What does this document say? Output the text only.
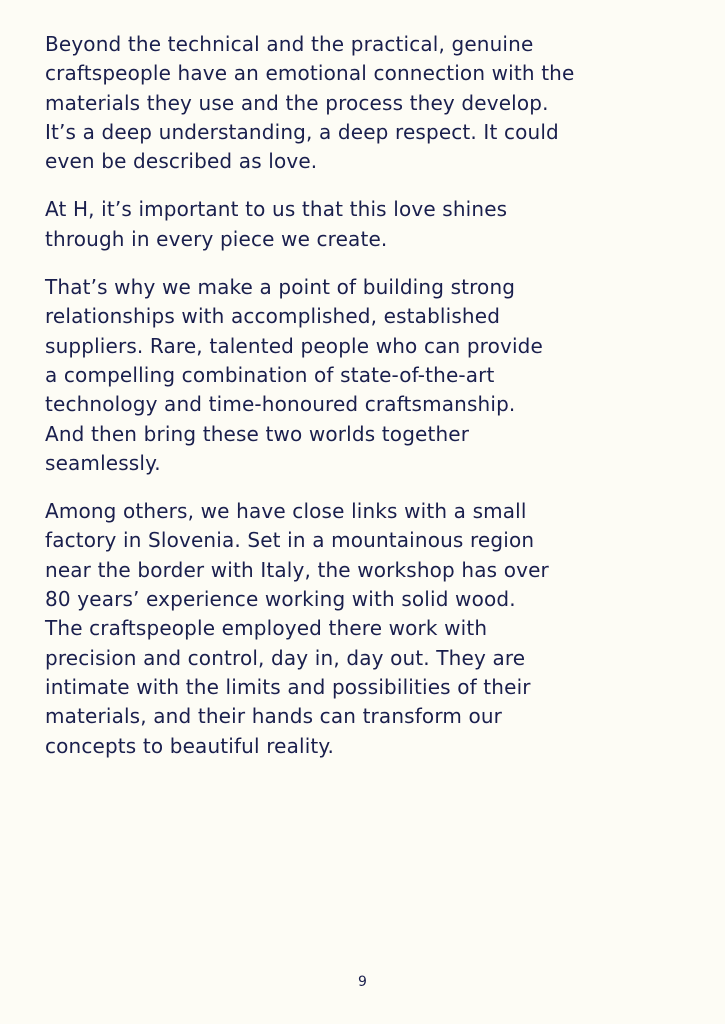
Beyond the technical and the practical, genuine
craftspeople have an emotional connection with the
materials they use and the process they develop.
It’s a deep understanding, a deep respect. It could
even be described as love.

At H, it’s important to us that this love shines
through in every piece we create.

That’s why we make a point of building strong
relationships with accomplished, established
suppliers. Rare, talented people who can provide
a compelling combination of state-of-the-art
technology and time-honoured craftsmanship.
And then bring these two worlds together
seamlessly.

Among others, we have close links with a small
factory in Slovenia. Set in a mountainous region
near the border with Italy, the workshop has over
80 years’ experience working with solid wood.
The craftspeople employed there work with
precision and control, day in, day out. They are
intimate with the limits and possibilities of their
materials, and their hands can transform our
concepts to beautiful reality.

9
